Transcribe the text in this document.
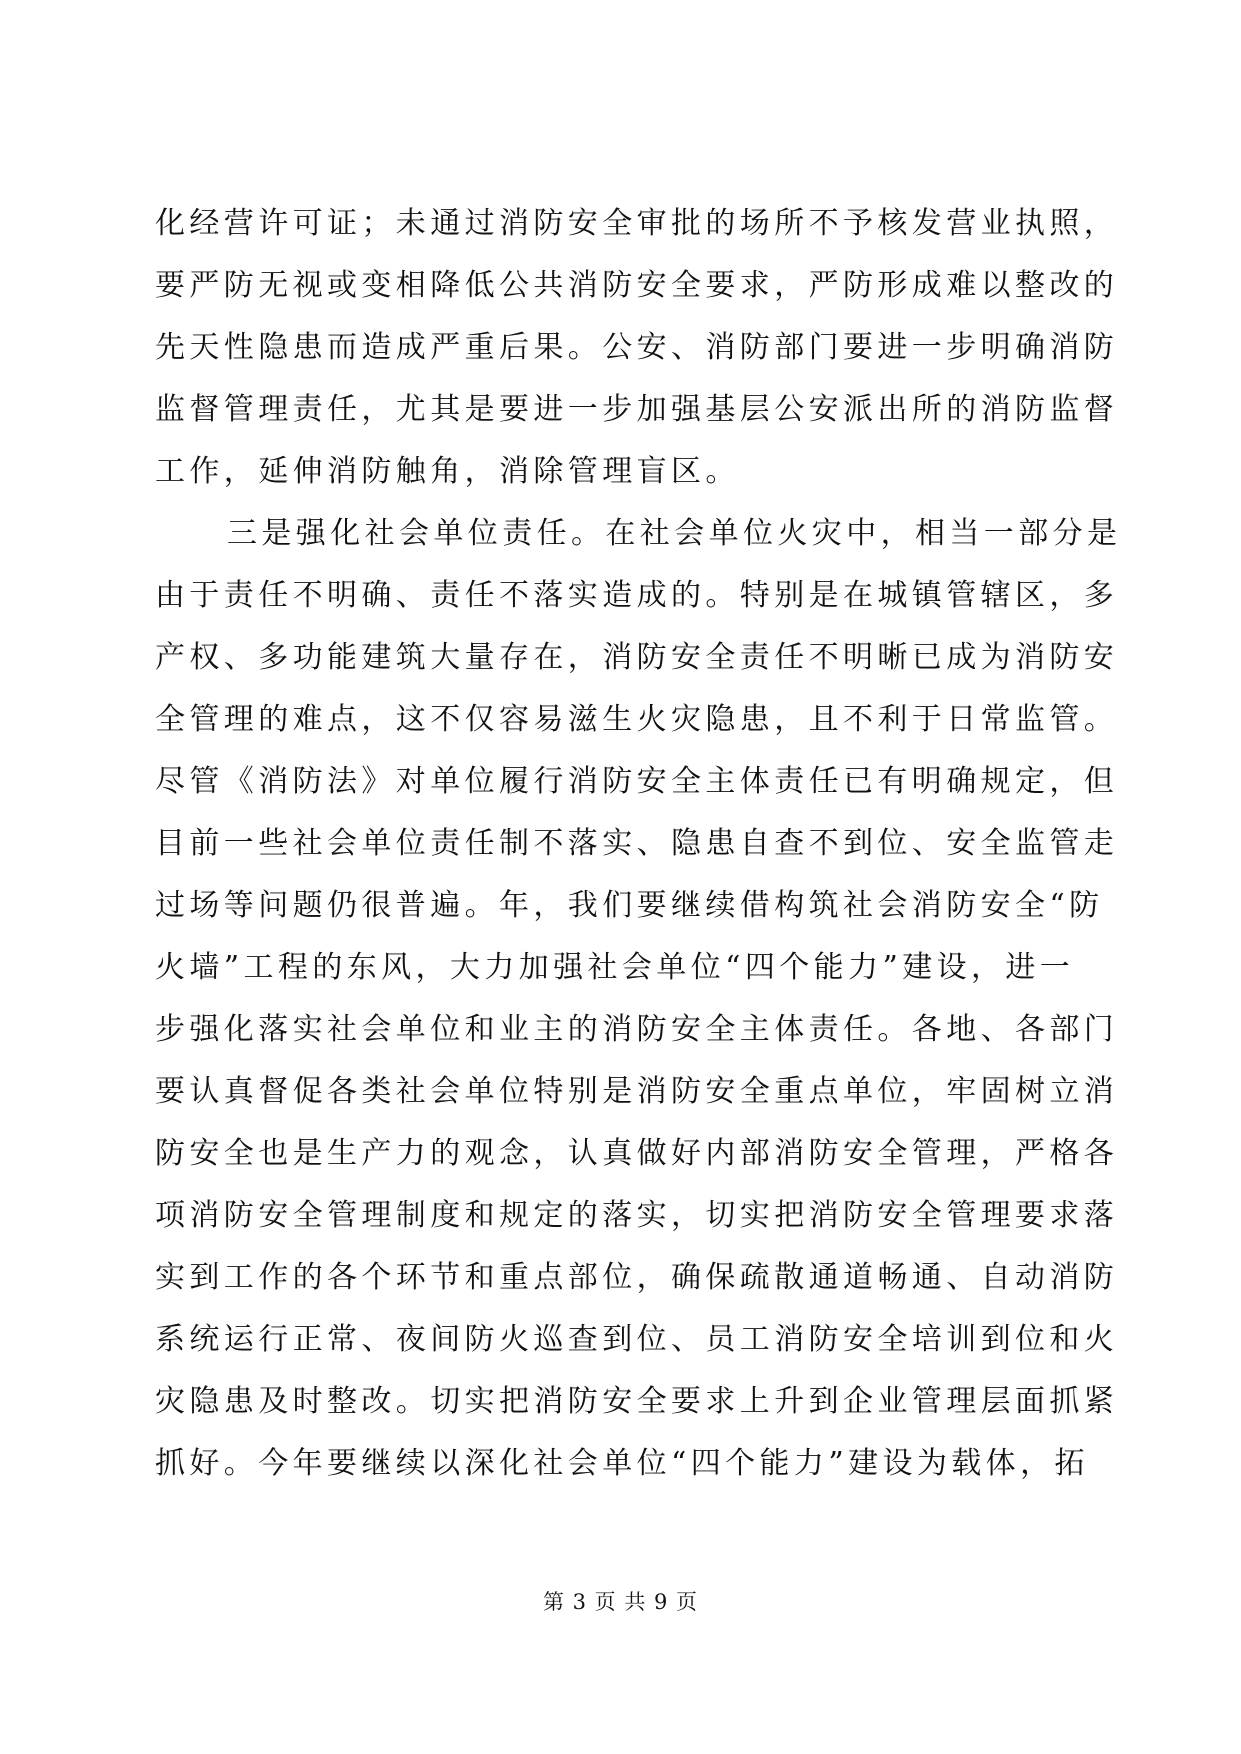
化经营许可证；未通过消防安全审批的场所不予核发营业执照，
要严防无视或变相降低公共消防安全要求，严防形成难以整改的
先天性隐患而造成严重后果。公安、消防部门要进一步明确消防
监督管理责任，尤其是要进一步加强基层公安派出所的消防监督
工作，延伸消防触角，消除管理盲区。
三是强化社会单位责任。在社会单位火灾中，相当一部分是
由于责任不明确、责任不落实造成的。特别是在城镇管辖区，多
产权、多功能建筑大量存在，消防安全责任不明晰已成为消防安
全管理的难点，这不仅容易滋生火灾隐患，且不利于日常监管。
尽管《消防法》对单位履行消防安全主体责任已有明确规定，但
目前一些社会单位责任制不落实、隐患自查不到位、安全监管走
过场等问题仍很普遍。年，我们要继续借构筑社会消防安全“防
火墙”工程的东风，大力加强社会单位“四个能力”建设，进一
步强化落实社会单位和业主的消防安全主体责任。各地、各部门
要认真督促各类社会单位特别是消防安全重点单位，牢固树立消
防安全也是生产力的观念，认真做好内部消防安全管理，严格各
项消防安全管理制度和规定的落实，切实把消防安全管理要求落
实到工作的各个环节和重点部位，确保疏散通道畅通、自动消防
系统运行正常、夜间防火巡查到位、员工消防安全培训到位和火
灾隐患及时整改。切实把消防安全要求上升到企业管理层面抓紧
抓好。今年要继续以深化社会单位“四个能力”建设为载体，拓
第 3 页 共 9 页
